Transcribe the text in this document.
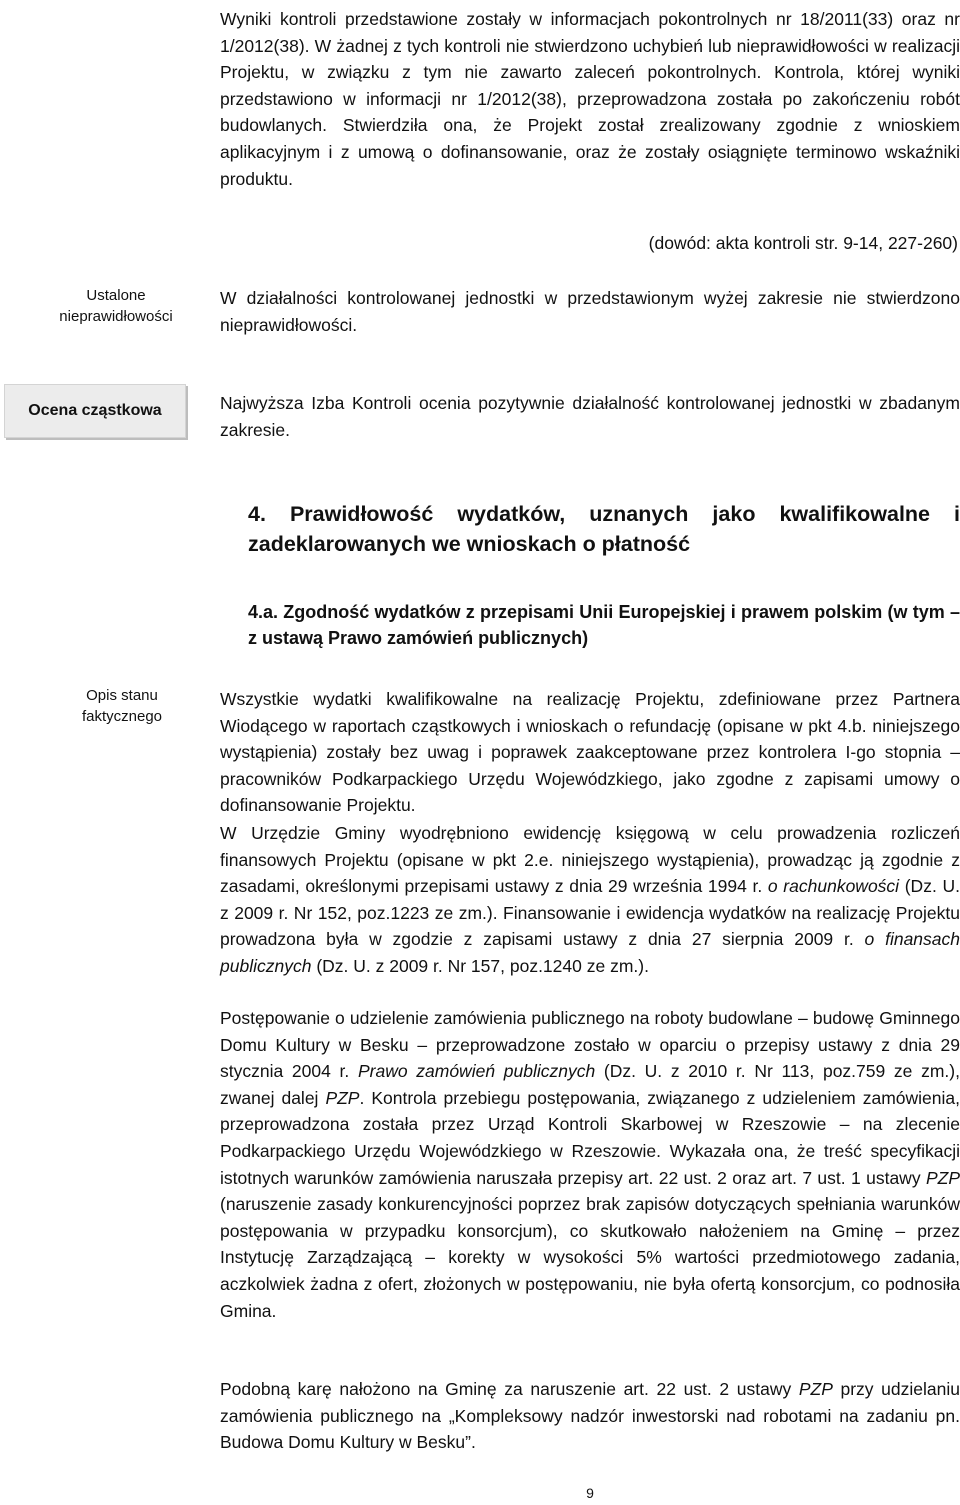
Wyniki kontroli przedstawione zostały w informacjach pokontrolnych nr 18/2011(33) oraz nr 1/2012(38). W żadnej z tych kontroli nie stwierdzono uchybień lub nieprawidłowości w realizacji Projektu, w związku z tym nie zawarto zaleceń pokontrolnych. Kontrola, której wyniki przedstawiono w informacji nr 1/2012(38), przeprowadzona została po zakończeniu robót budowlanych. Stwierdziła ona, że Projekt został zrealizowany zgodnie z wnioskiem aplikacyjnym i z umową o dofinansowanie, oraz że zostały osiągnięte terminowo wskaźniki produktu.
(dowód: akta kontroli str. 9-14, 227-260)
Ustalone nieprawidłowości
W działalności kontrolowanej jednostki w przedstawionym wyżej zakresie nie stwierdzono nieprawidłowości.
Ocena cząstkowa	Najwyższa Izba Kontroli ocenia pozytywnie działalność kontrolowanej jednostki w zbadanym zakresie.
4. Prawidłowość wydatków, uznanych jako kwalifikowalne i zadeklarowanych we wnioskach o płatność
4.a. Zgodność wydatków z przepisami Unii Europejskiej i prawem polskim (w tym – z ustawą Prawo zamówień publicznych)
Opis stanu faktycznego
Wszystkie wydatki kwalifikowalne na realizację Projektu, zdefiniowane przez Partnera Wiodącego w raportach cząstkowych i wnioskach o refundację (opisane w pkt 4.b. niniejszego wystąpienia) zostały bez uwag i poprawek zaakceptowane przez kontrolera I-go stopnia – pracowników Podkarpackiego Urzędu Wojewódzkiego, jako zgodne z zapisami umowy o dofinansowanie Projektu.
W Urzędzie Gminy wyodrębniono ewidencję księgową w celu prowadzenia rozliczeń finansowych Projektu (opisane w pkt 2.e. niniejszego wystąpienia), prowadząc ją zgodnie z zasadami, określonymi przepisami ustawy z dnia 29 września 1994 r. o rachunkowości (Dz. U. z 2009 r. Nr 152, poz.1223 ze zm.). Finansowanie i ewidencja wydatków na realizację Projektu prowadzona była w zgodzie z zapisami ustawy z dnia 27 sierpnia 2009 r. o finansach publicznych (Dz. U. z 2009 r. Nr 157, poz.1240 ze zm.).
Postępowanie o udzielenie zamówienia publicznego na roboty budowlane – budowę Gminnego Domu Kultury w Besku – przeprowadzone zostało w oparciu o przepisy ustawy z dnia 29 stycznia 2004 r. Prawo zamówień publicznych (Dz. U. z 2010 r. Nr 113, poz.759 ze zm.), zwanej dalej PZP. Kontrola przebiegu postępowania, związanego z udzieleniem zamówienia, przeprowadzona została przez Urząd Kontroli Skarbowej w Rzeszowie – na zlecenie Podkarpackiego Urzędu Wojewódzkiego w Rzeszowie. Wykazała ona, że treść specyfikacji istotnych warunków zamówienia naruszała przepisy art. 22 ust. 2 oraz art. 7 ust. 1 ustawy PZP (naruszenie zasady konkurencyjności poprzez brak zapisów dotyczących spełniania warunków postępowania w przypadku konsorcjum), co skutkowało nałożeniem na Gminę – przez Instytucję Zarządzającą – korekty w wysokości 5% wartości przedmiotowego zadania, aczkolwiek żadna z ofert, złożonych w postępowaniu, nie była ofertą konsorcjum, co podnosiła Gmina.
Podobną karę nałożono na Gminę za naruszenie art. 22 ust. 2 ustawy PZP przy udzielaniu zamówienia publicznego na „Kompleksowy nadzór inwestorski nad robotami na zadaniu pn. Budowa Domu Kultury w Besku”.
9
